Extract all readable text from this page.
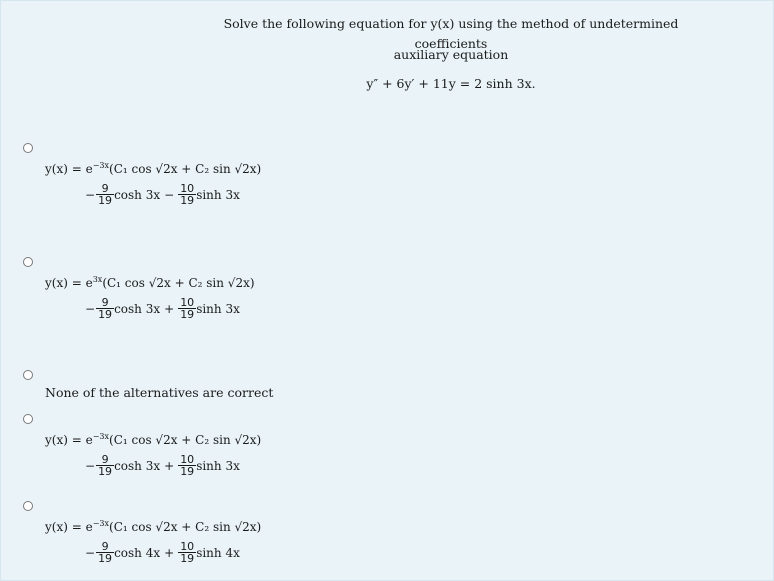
Solve the following equation for y(x) using the method of undetermined coefficients
auxiliary equation
y″ + 6y′ + 11y = 2 sinh 3x.
$y(x) = e^{-3x}(C_1$ cos √2x + C₂ sin √2x)
− $\frac{9}{19}$ $\cosh 3x - \frac{10}{19}$ sinh 3x
$y(x) = e^{3x}(C_1$ cos √2x + C₂ sin √2x)
− $\frac{9}{19}$ $\cosh 3x + \frac{10}{19}$ sinh 3x
None of the alternatives are correct
$y(x) = e^{-3x}(C_1$ cos √2x + C₂ sin √2x)
− $\frac{9}{19}$ $\cosh 3x + \frac{10}{19}$ sinh 3x
$y(x) = e^{-3x}(C_1$ cos √2x + C₂ sin √2x)
− $\frac{9}{19}$ $\cosh 4x + \frac{10}{19}$ sinh 4x
